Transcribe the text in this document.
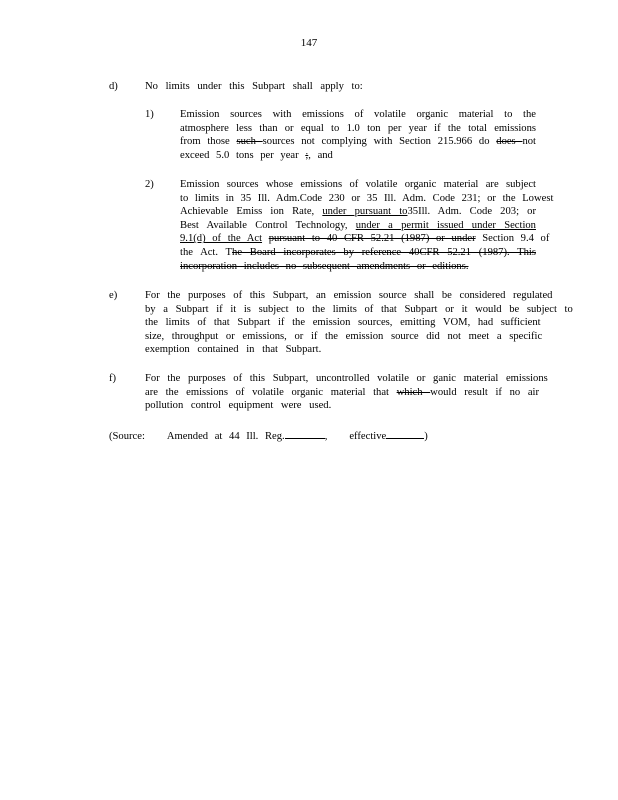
147
d)	No limits under this Subpart shall apply to:
1) Emission sources with emissions of volatile organic material to the
atmosphere less than or equal to 1.0 ton per year if the total emissions
from those such sources not complying with Section 215.966 do does not
exceed 5.0 tons per year ;, and
2) Emission sources whose emissions of volatile organic material are subject
to limits in 35 Ill. Adm.Code 230 or 35 Ill. Adm. Code 231; or the Lowest
Achievable Emiss ion Rate, under pursuant to35Ill. Adm. Code 203; or
Best Available Control Technology, under a permit issued under Section
9.1(d) of the Act pursuant to 40 CFR 52.21 (1987) or under Section 9.4 of
the Act. The Board incorporates by reference 40CFR 52.21 (1987). This
incorporation includes no subsequent amendments or editions.
e)	For the purposes of this Subpart, an emission source shall be considered regulated
by a Subpart if it is subject to the limits of that Subpart or it would be subject to
the limits of that Subpart if the emission sources, emitting VOM, had sufficient
size, throughput or emissions, or if the emission source did not meet a specific
exemption contained in that Subpart.
f)	For the purposes of this Subpart, uncontrolled volatile or ganic material emissions
are the emissions of volatile organic material that which would result if no air
pollution control equipment were used.
(Source: Amended at 44 Ill. Reg.	, effective	)
